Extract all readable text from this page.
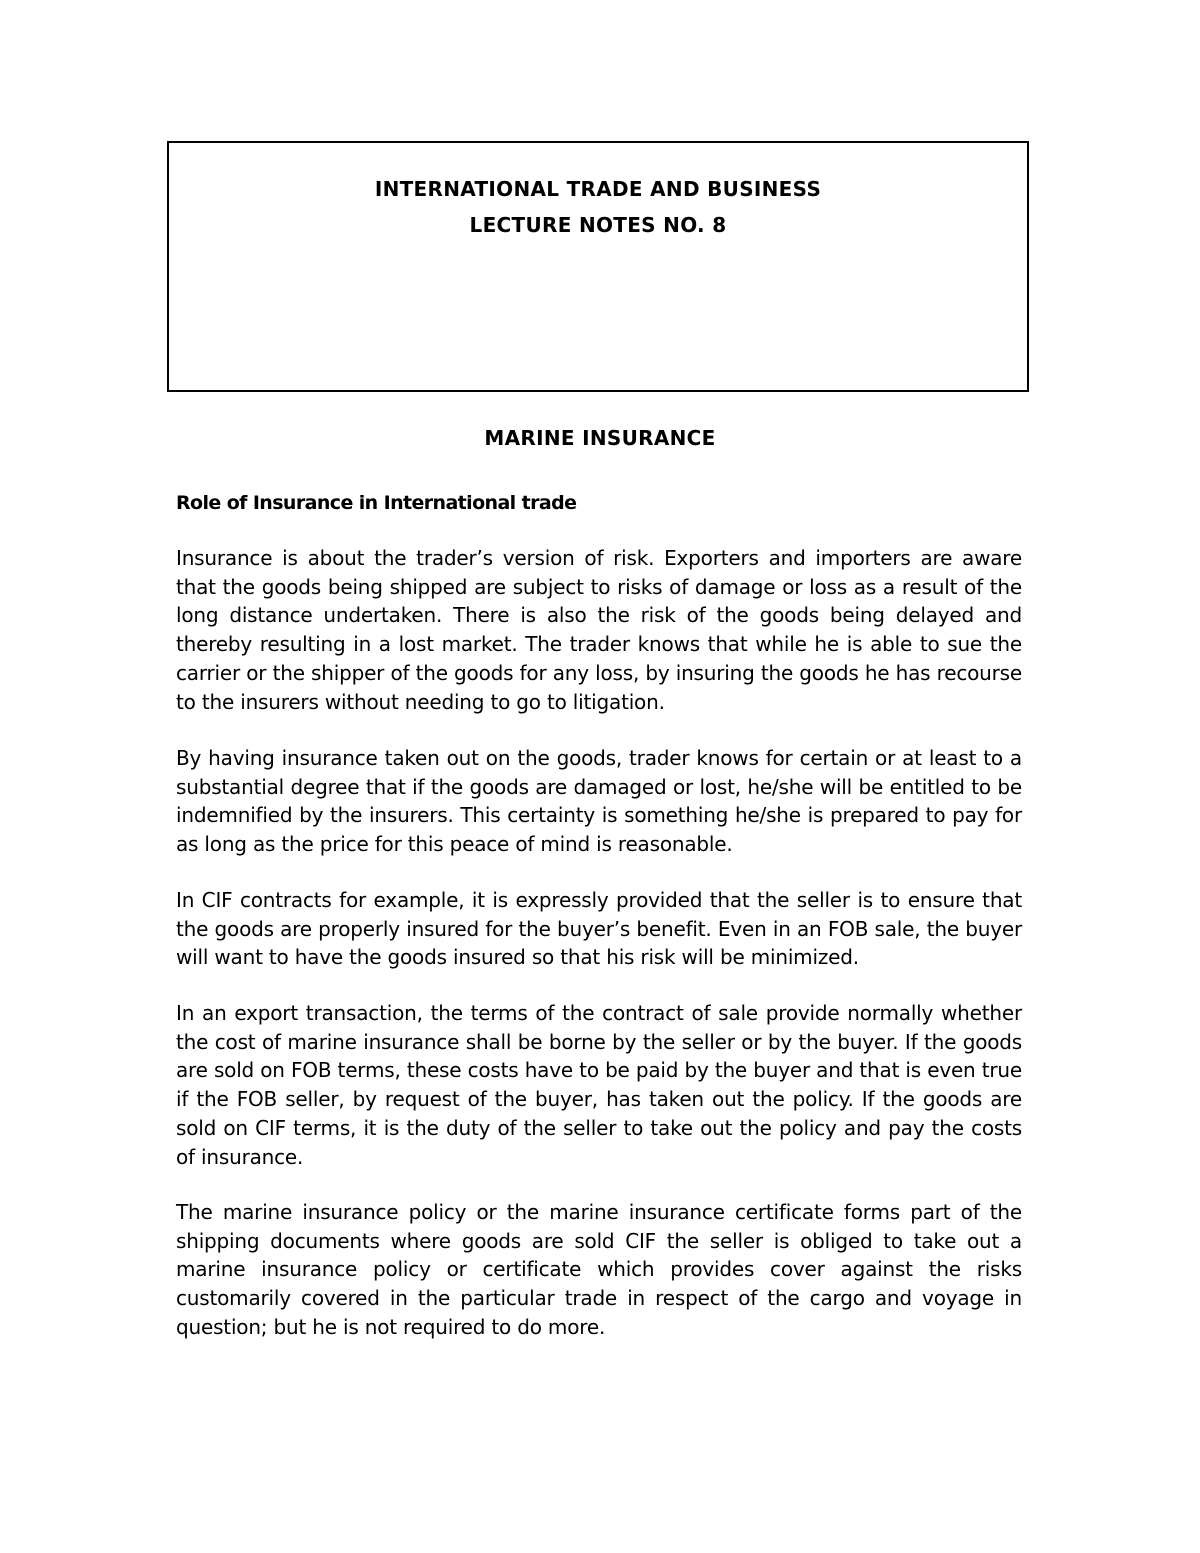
INTERNATIONAL TRADE AND BUSINESS
LECTURE NOTES NO. 8
MARINE INSURANCE
Role of Insurance in International trade

Insurance is about the trader’s version of risk. Exporters and importers are aware that the goods being shipped are subject to risks of damage or loss as a result of the long distance undertaken. There is also the risk of the goods being delayed and thereby resulting in a lost market. The trader knows that while he is able to sue the carrier or the shipper of the goods for any loss, by insuring the goods he has recourse to the insurers without needing to go to litigation.

By having insurance taken out on the goods, trader knows for certain or at least to a substantial degree that if the goods are damaged or lost, he/she will be entitled to be indemnified by the insurers. This certainty is something he/she is prepared to pay for as long as the price for this peace of mind is reasonable.

In CIF contracts for example, it is expressly provided that the seller is to ensure that the goods are properly insured for the buyer’s benefit. Even in an FOB sale, the buyer will want to have the goods insured so that his risk will be minimized.

In an export transaction, the terms of the contract of sale provide normally whether the cost of marine insurance shall be borne by the seller or by the buyer. If the goods are sold on FOB terms, these costs have to be paid by the buyer and that is even true if the FOB seller, by request of the buyer, has taken out the policy. If the goods are sold on CIF terms, it is the duty of the seller to take out the policy and pay the costs of insurance.

The marine insurance policy or the marine insurance certificate forms part of the shipping documents where goods are sold CIF the seller is obliged to take out a marine insurance policy or certificate which provides cover against the risks customarily covered in the particular trade in respect of the cargo and voyage in question; but he is not required to do more.
